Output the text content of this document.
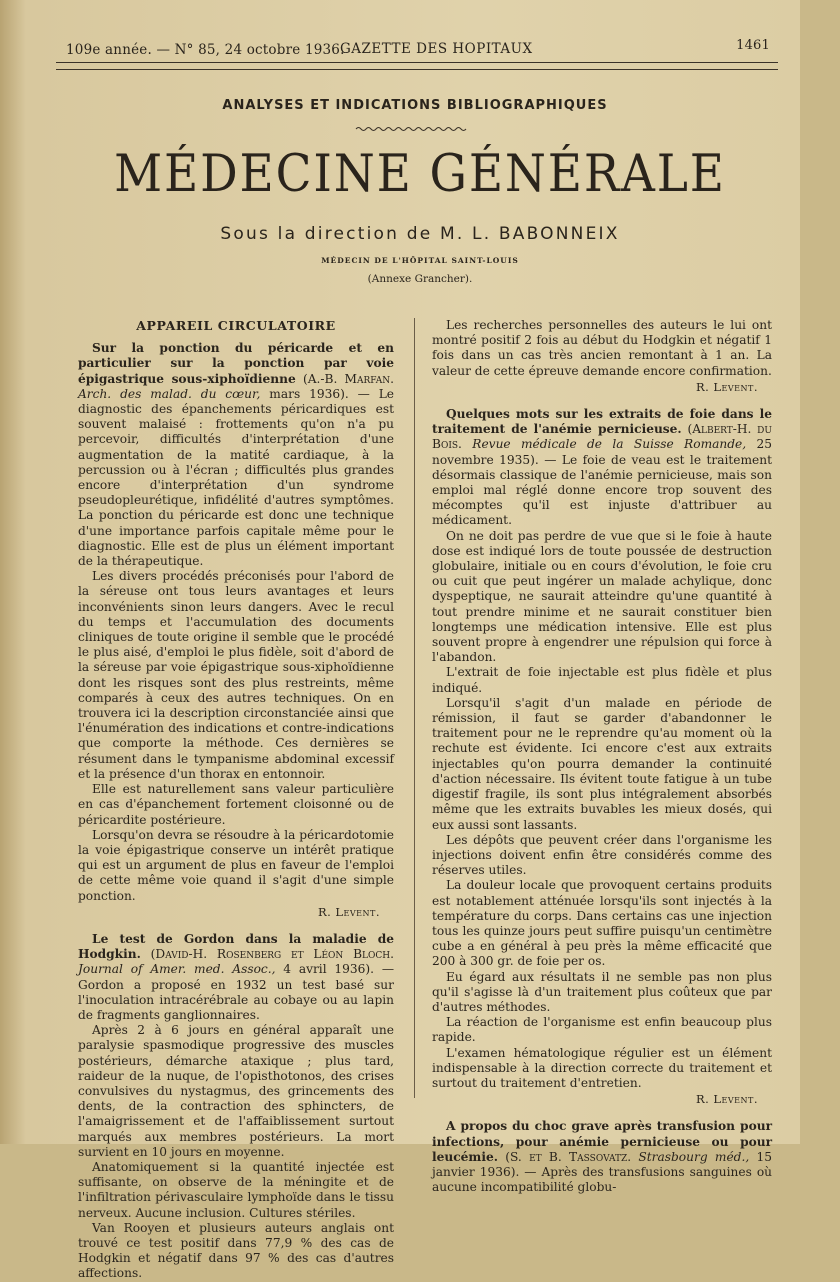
109e année. — N° 85, 24 octobre 1936.
GAZETTE DES HOPITAUX	1461
ANALYSES ET INDICATIONS BIBLIOGRAPHIQUES
MÉDECINE GÉNÉRALE
Sous la direction de M. L. BABONNEIX
MÉDECIN DE L'HÔPITAL SAINT-LOUIS
(Annexe Grancher).
APPAREIL CIRCULATOIRE

Sur la ponction du péricarde et en particulier sur la ponction par voie épigastrique sous-xiphoïdienne (A.-B. Marfan. Arch. des malad. du cœur, mars 1936). — Le diagnostic des épanchements péricardiques est souvent malaisé : frottements qu'on n'a pu percevoir, difficultés d'interprétation d'une augmentation de la matité cardiaque, à la percussion ou à l'écran ; difficultés plus grandes encore d'interprétation d'un syndrome pseudopleurétique, infidélité d'autres symptômes. La ponction du péricarde est donc une technique d'une importance parfois capitale même pour le diagnostic. Elle est de plus un élément important de la thérapeutique.

Les divers procédés préconisés pour l'abord de la séreuse ont tous leurs avantages et leurs inconvénients sinon leurs dangers. Avec le recul du temps et l'accumulation des documents cliniques de toute origine il semble que le procédé le plus aisé, d'emploi le plus fidèle, soit d'abord de la séreuse par voie épigastrique sous-xiphoïdienne dont les risques sont des plus restreints, même comparés à ceux des autres techniques. On en trouvera ici la description circonstanciée ainsi que l'énumération des indications et contre-indications que comporte la méthode. Ces dernières se résument dans le tympanisme abdominal excessif et la présence d'un thorax en entonnoir.

Elle est naturellement sans valeur particulière en cas d'épanchement fortement cloisonné ou de péricardite postérieure.

Lorsqu'on devra se résoudre à la péricardotomie la voie épigastrique conserve un intérêt pratique qui est un argument de plus en faveur de l'emploi de cette même voie quand il s'agit d'une simple ponction.

R. Levent.

Le test de Gordon dans la maladie de Hodgkin. (David-H. Rosenberg et Léon Bloch. Journal of Amer. med. Assoc., 4 avril 1936). — Gordon a proposé en 1932 un test basé sur l'inoculation intracérébrale au cobaye ou au lapin de fragments ganglionnaires.

Après 2 à 6 jours en général apparaît une paralysie spasmodique progressive des muscles postérieurs, démarche ataxique ; plus tard, raideur de la nuque, de l'opisthotonos, des crises convulsives du nystagmus, des grincements des dents, de la contraction des sphincters, de l'amaigrissement et de l'affaiblissement surtout marqués aux membres postérieurs. La mort survient en 10 jours en moyenne.

Anatomiquement si la quantité injectée est suffisante, on observe de la méningite et de l'infiltration périvasculaire lymphoïde dans le tissu nerveux. Aucune inclusion. Cultures stériles.

Van Rooyen et plusieurs auteurs anglais ont trouvé ce test positif dans 77,9 % des cas de Hodgkin et négatif dans 97 % des cas d'autres affections.

Les recherches personnelles des auteurs le lui ont montré positif 2 fois au début du Hodgkin et négatif 1 fois dans un cas très ancien remontant à 1 an. La valeur de cette épreuve demande encore confirmation.

R. Levent.

Quelques mots sur les extraits de foie dans le traitement de l'anémie pernicieuse. (Albert-H. du Bois. Revue médicale de la Suisse Romande, 25 novembre 1935). — Le foie de veau est le traitement désormais classique de l'anémie pernicieuse, mais son emploi mal réglé donne encore trop souvent des mécomptes qu'il est injuste d'attribuer au médicament.

On ne doit pas perdre de vue que si le foie à haute dose est indiqué lors de toute poussée de destruction globulaire, initiale ou en cours d'évolution, le foie cru ou cuit que peut ingérer un malade achylique, donc dyspeptique, ne saurait atteindre qu'une quantité à tout prendre minime et ne saurait constituer bien longtemps une médication intensive. Elle est plus souvent propre à engendrer une répulsion qui force à l'abandon.

L'extrait de foie injectable est plus fidèle et plus indiqué.

Lorsqu'il s'agit d'un malade en période de rémission, il faut se garder d'abandonner le traitement pour ne le reprendre qu'au moment où la rechute est évidente. Ici encore c'est aux extraits injectables qu'on pourra demander la continuité d'action nécessaire. Ils évitent toute fatigue à un tube digestif fragile, ils sont plus intégralement absorbés même que les extraits buvables les mieux dosés, qui eux aussi sont lassants.

Les dépôts que peuvent créer dans l'organisme les injections doivent enfin être considérés comme des réserves utiles.

La douleur locale que provoquent certains produits est notablement atténuée lorsqu'ils sont injectés à la température du corps. Dans certains cas une injection tous les quinze jours peut suffire puisqu'un centimètre cube a en général à peu près la même efficacité que 200 à 300 gr. de foie per os.

Eu égard aux résultats il ne semble pas non plus qu'il s'agisse là d'un traitement plus coûteux que par d'autres méthodes.

La réaction de l'organisme est enfin beaucoup plus rapide.

L'examen hématologique régulier est un élément indispensable à la direction correcte du traitement et surtout du traitement d'entretien.

R. Levent.

A propos du choc grave après transfusion pour infections, pour anémie pernicieuse ou pour leucémie. (S. et B. Tassovatz. Strasbourg méd., 15 janvier 1936). — Après des transfusions sanguines où aucune incompatibilité globu-
